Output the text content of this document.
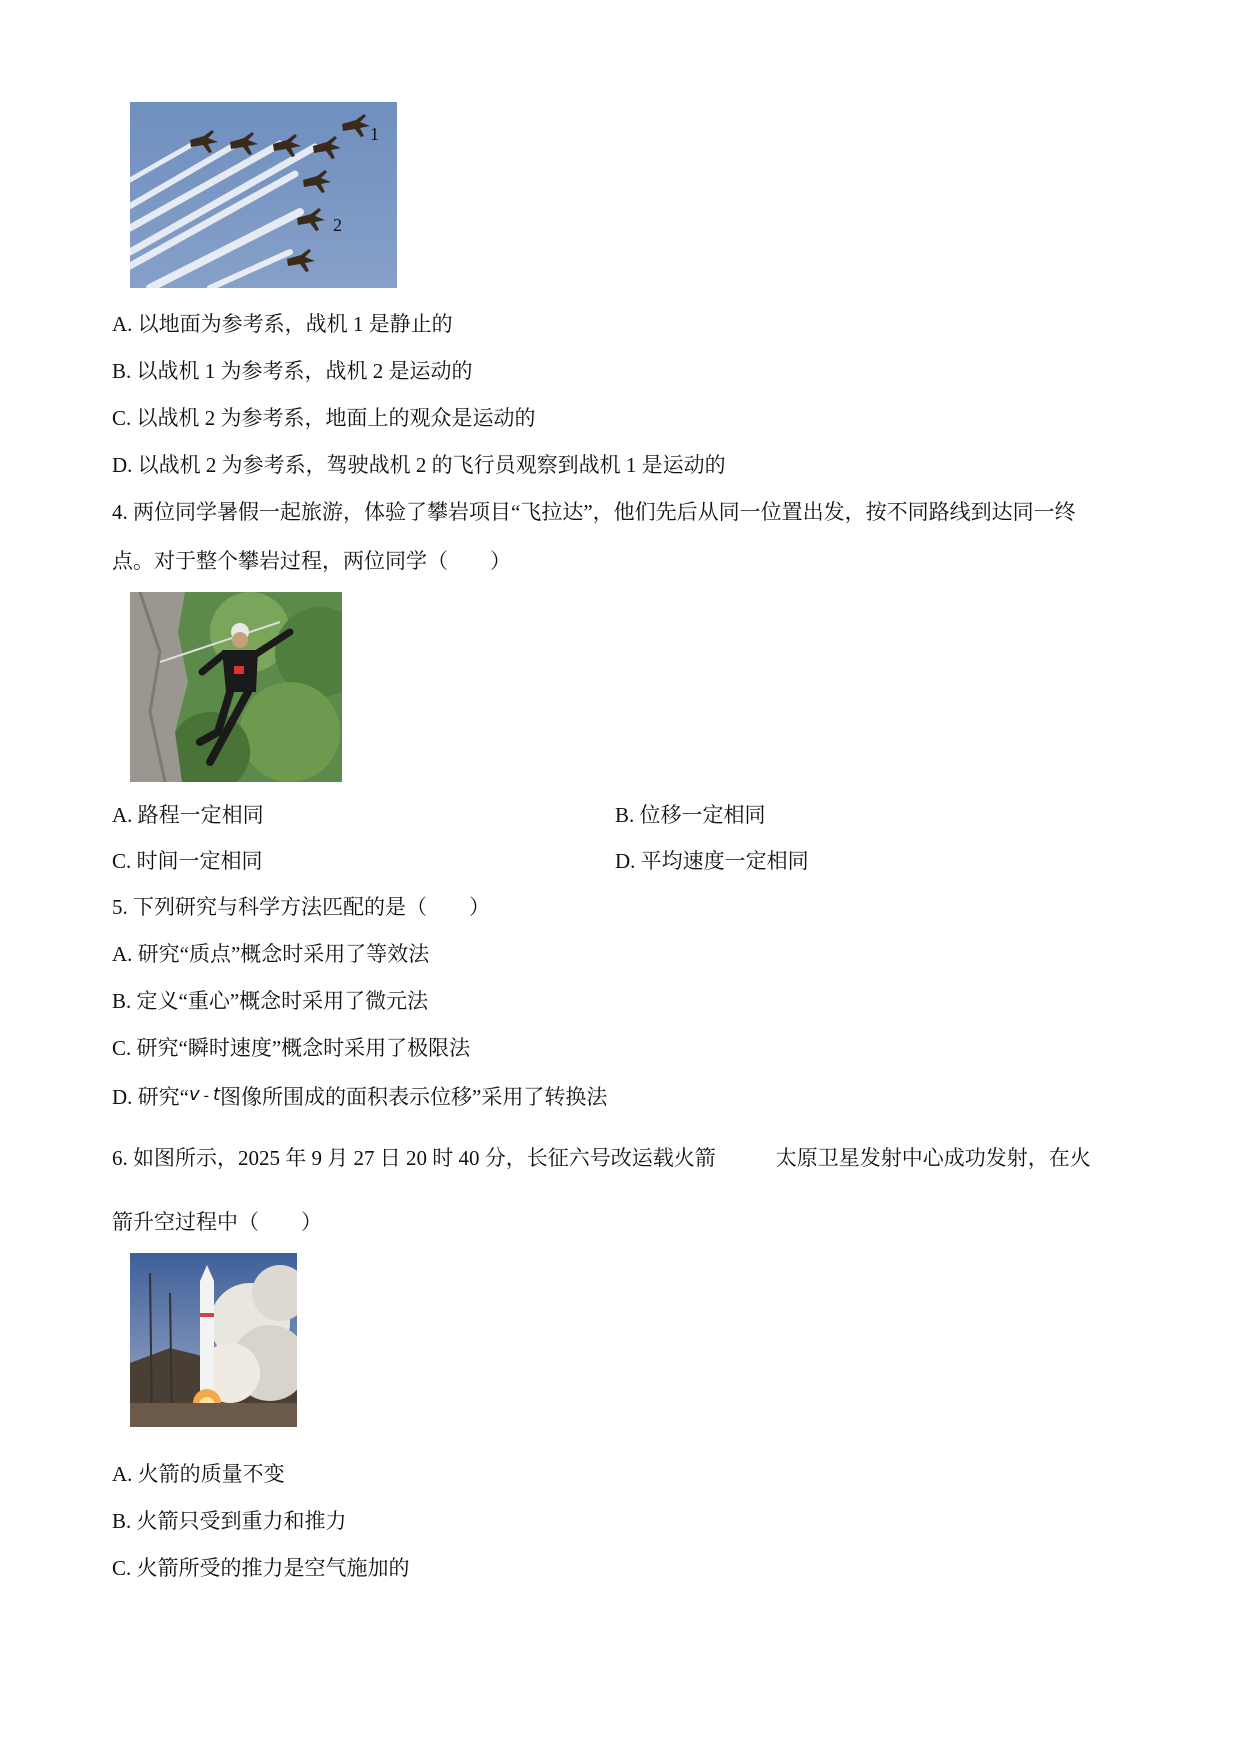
1
2
A. 以地面为参考系，战机 1 是静止的
B. 以战机 1 为参考系，战机 2 是运动的
C. 以战机 2 为参考系，地面上的观众是运动的
D. 以战机 2 为参考系，驾驶战机 2 的飞行员观察到战机 1 是运动的
4. 两位同学暑假一起旅游，体验了攀岩项目“飞拉达”，他们先后从同一位置出发，按不同路线到达同一终
点。对于整个攀岩过程，两位同学（　　）
A. 路程一定相同	B. 位移一定相同
C. 时间一定相同	D. 平均速度一定相同
5. 下列研究与科学方法匹配的是（　　）
A. 研究“质点”概念时采用了等效法
B. 定义“重心”概念时采用了微元法
C. 研究“瞬时速度”概念时采用了极限法
D. 研究“v - t图像所围成的面积表示位移”采用了转换法
6. 如图所示，2025 年 9 月 27 日 20 时 40 分，长征六号改运载火箭	太原卫星发射中心成功发射，在火
箭升空过程中（　　）
A. 火箭的质量不变
B. 火箭只受到重力和推力
C. 火箭所受的推力是空气施加的
